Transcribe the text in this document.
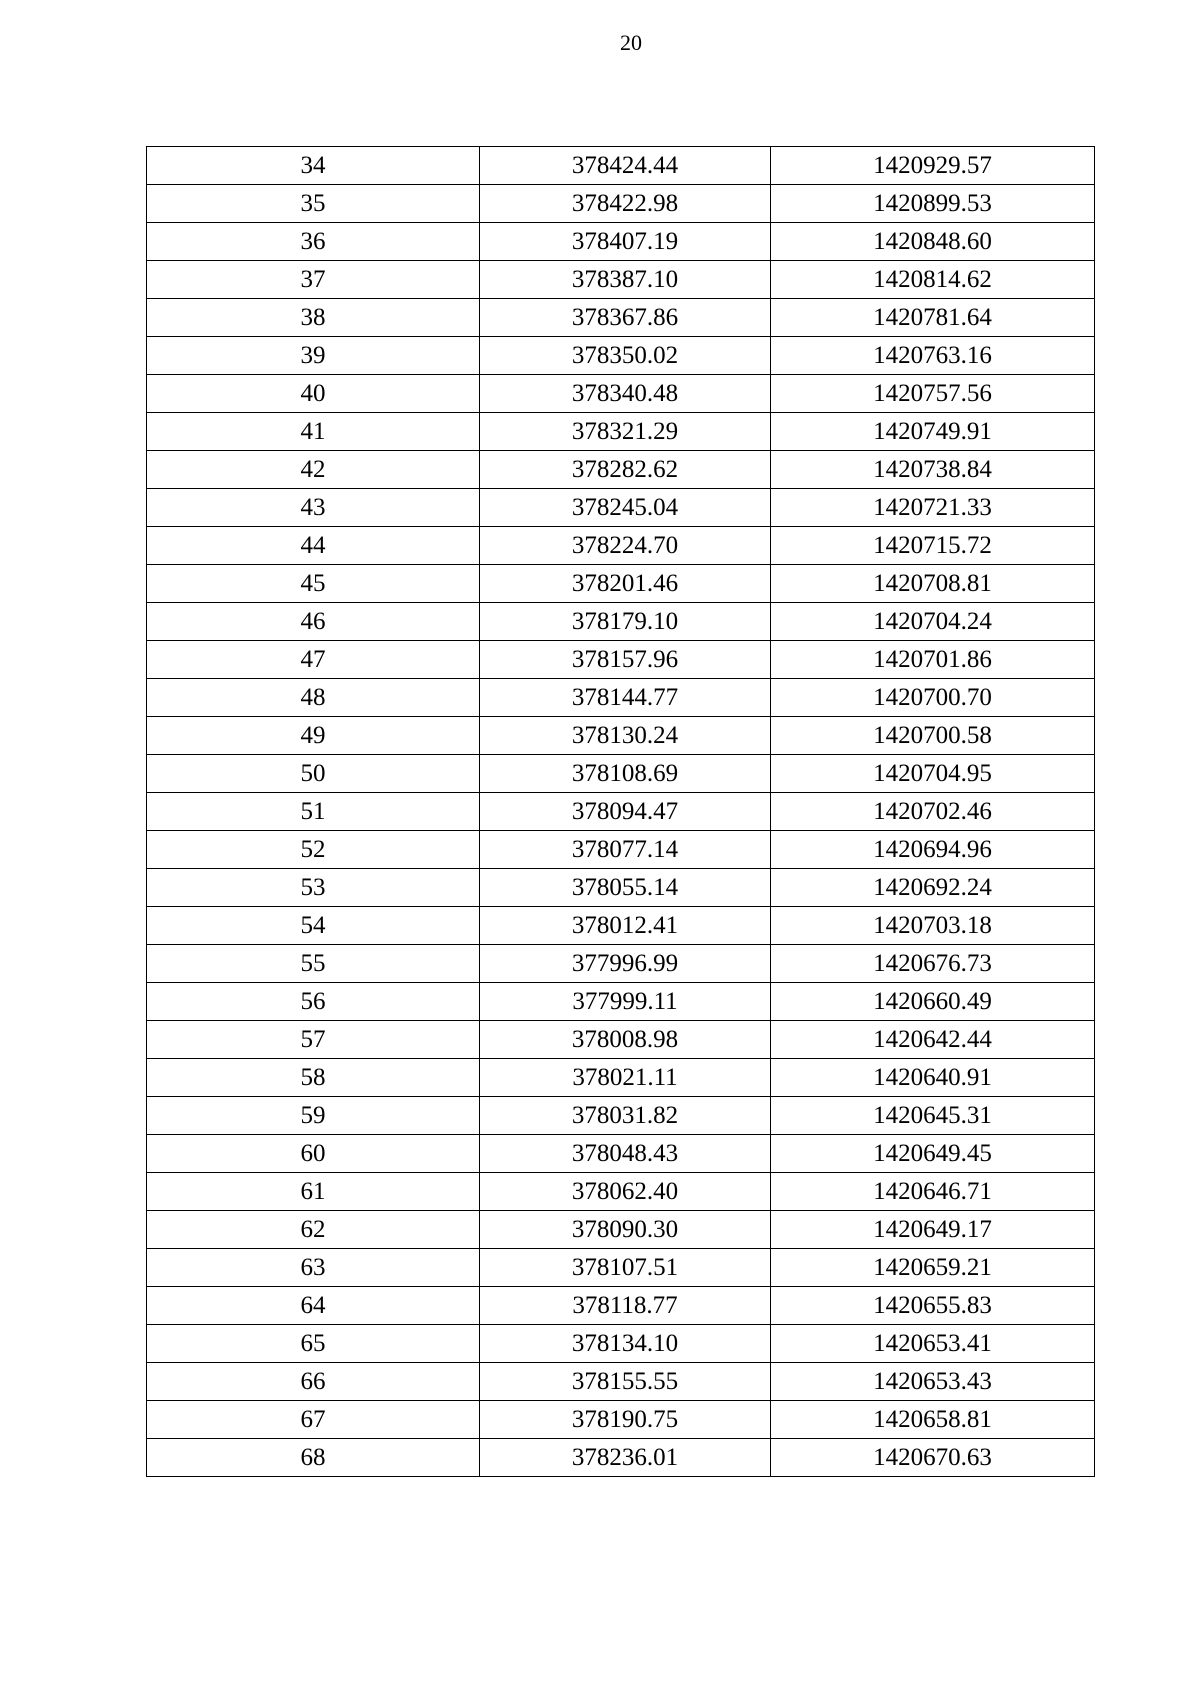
20
34	378424.44	1420929.57
35	378422.98	1420899.53
36	378407.19	1420848.60
37	378387.10	1420814.62
38	378367.86	1420781.64
39	378350.02	1420763.16
40	378340.48	1420757.56
41	378321.29	1420749.91
42	378282.62	1420738.84
43	378245.04	1420721.33
44	378224.70	1420715.72
45	378201.46	1420708.81
46	378179.10	1420704.24
47	378157.96	1420701.86
48	378144.77	1420700.70
49	378130.24	1420700.58
50	378108.69	1420704.95
51	378094.47	1420702.46
52	378077.14	1420694.96
53	378055.14	1420692.24
54	378012.41	1420703.18
55	377996.99	1420676.73
56	377999.11	1420660.49
57	378008.98	1420642.44
58	378021.11	1420640.91
59	378031.82	1420645.31
60	378048.43	1420649.45
61	378062.40	1420646.71
62	378090.30	1420649.17
63	378107.51	1420659.21
64	378118.77	1420655.83
65	378134.10	1420653.41
66	378155.55	1420653.43
67	378190.75	1420658.81
68	378236.01	1420670.63
